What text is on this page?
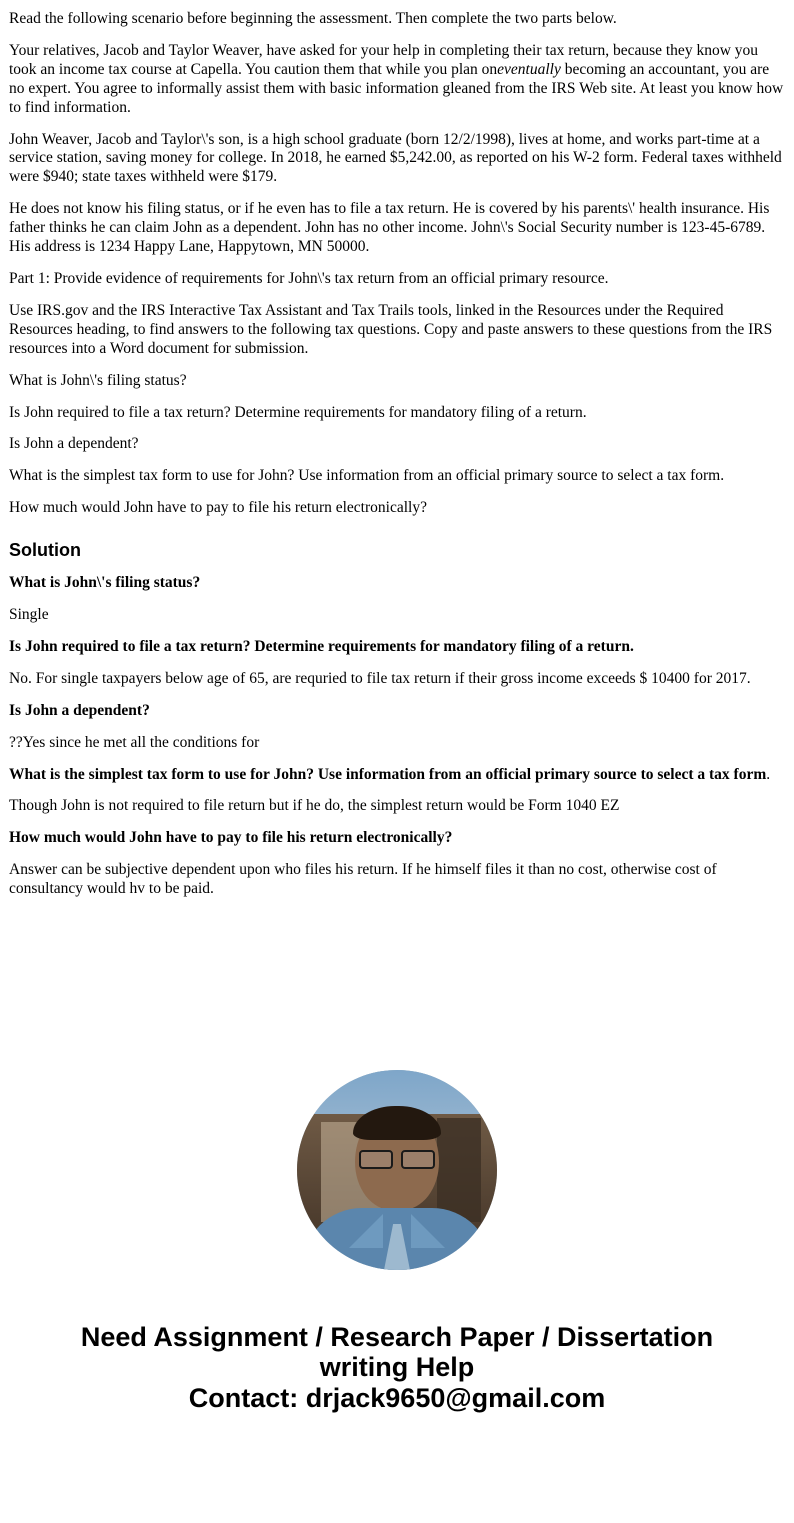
Read the following scenario before beginning the assessment. Then complete the two parts below.

Your relatives, Jacob and Taylor Weaver, have asked for your help in completing their tax return, because they know you took an income tax course at Capella. You caution them that while you plan oneventually becoming an accountant, you are no expert. You agree to informally assist them with basic information gleaned from the IRS Web site. At least you know how to find information.

John Weaver, Jacob and Taylor\'s son, is a high school graduate (born 12/2/1998), lives at home, and works part-time at a service station, saving money for college. In 2018, he earned $5,242.00, as reported on his W-2 form. Federal taxes withheld were $940; state taxes withheld were $179.

He does not know his filing status, or if he even has to file a tax return. He is covered by his parents\' health insurance. His father thinks he can claim John as a dependent. John has no other income. John\'s Social Security number is 123-45-6789. His address is 1234 Happy Lane, Happytown, MN 50000.

Part 1: Provide evidence of requirements for John\'s tax return from an official primary resource.

Use IRS.gov and the IRS Interactive Tax Assistant and Tax Trails tools, linked in the Resources under the Required Resources heading, to find answers to the following tax questions. Copy and paste answers to these questions from the IRS resources into a Word document for submission.

What is John\'s filing status?

Is John required to file a tax return? Determine requirements for mandatory filing of a return.

Is John a dependent?

What is the simplest tax form to use for John? Use information from an official primary source to select a tax form.

How much would John have to pay to file his return electronically?

Solution

What is John\'s filing status?

Single

Is John required to file a tax return? Determine requirements for mandatory filing of a return.

No. For single taxpayers below age of 65, are requried to file tax return if their gross income exceeds $ 10400 for 2017.

Is John a dependent?

??Yes since he met all the conditions for

What is the simplest tax form to use for John? Use information from an official primary source to select a tax form.

Though John is not required to file return but if he do, the simplest return would be Form 1040 EZ

How much would John have to pay to file his return electronically?

Answer can be subjective dependent upon who files his return. If he himself files it than no cost, otherwise cost of consultancy would hv to be paid.

Need Assignment / Research Paper / Dissertation
writing Help
Contact: drjack9650@gmail.com
